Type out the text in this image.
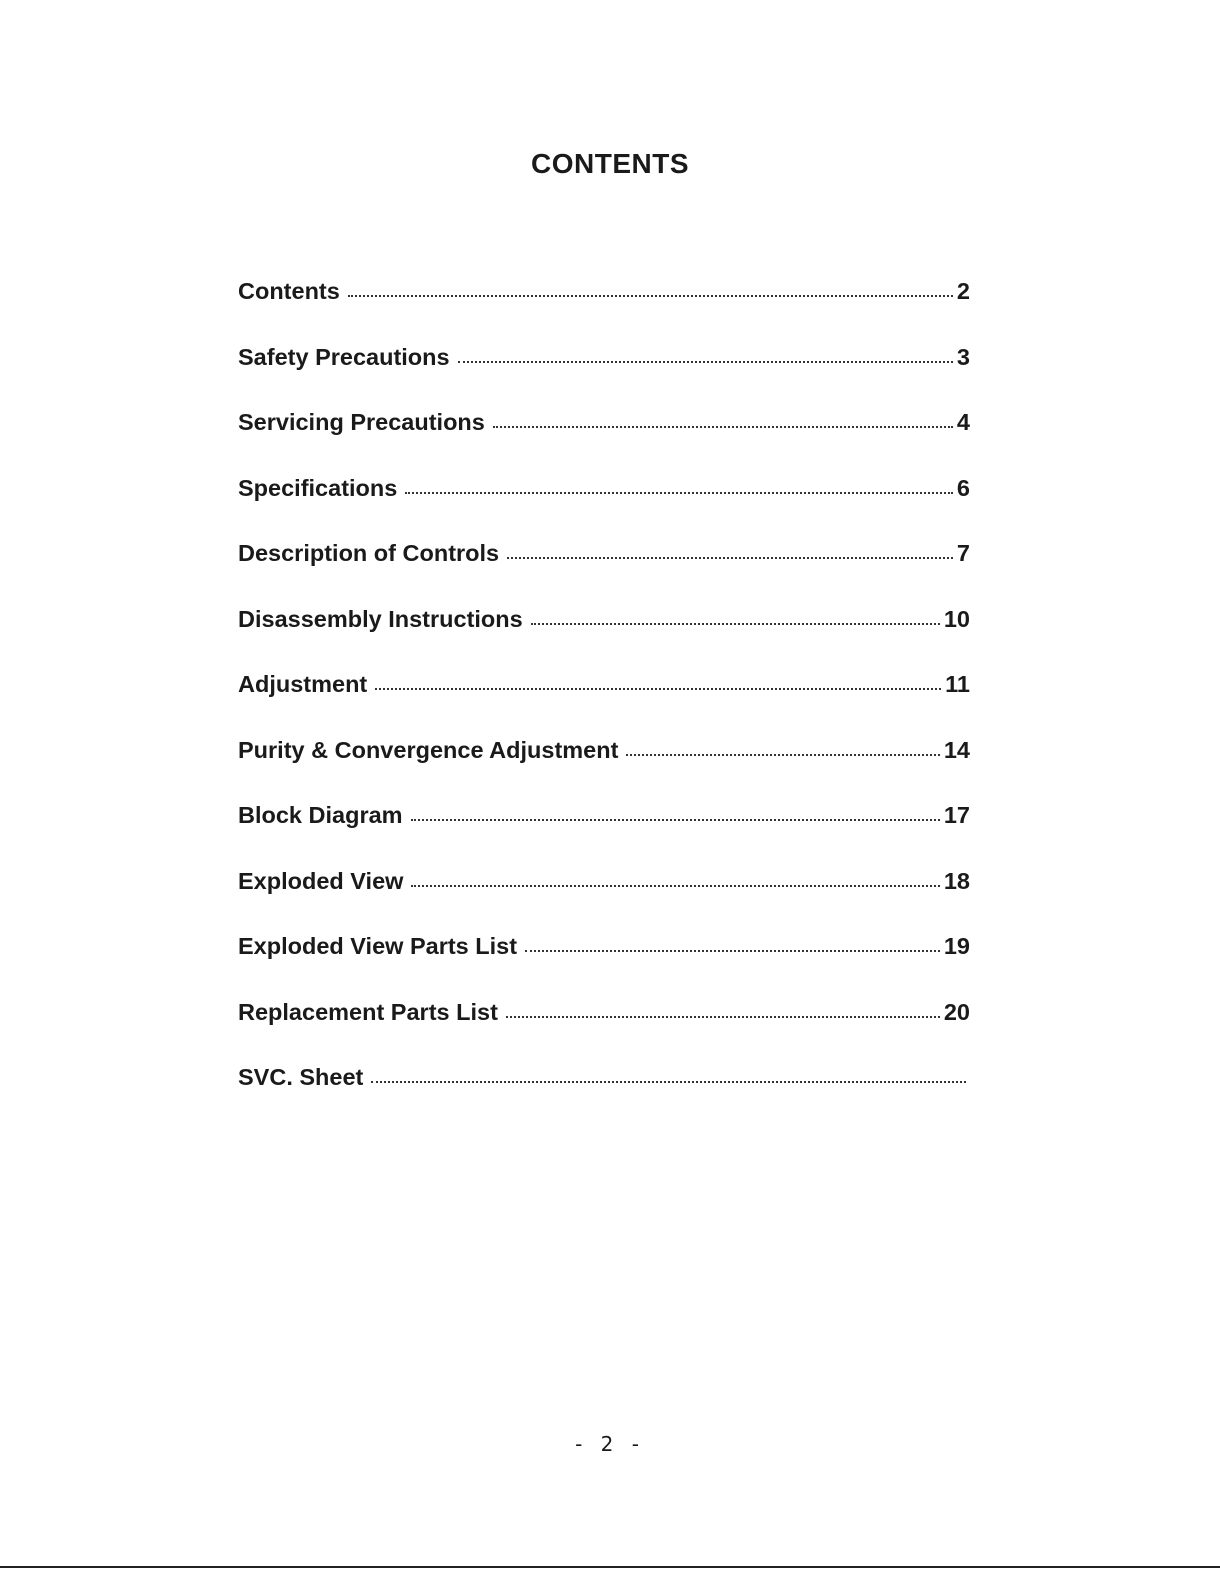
CONTENTS
Contents	2
Safety Precautions	3
Servicing Precautions	4
Specifications	6
Description of Controls	7
Disassembly Instructions	10
Adjustment	11
Purity & Convergence Adjustment	14
Block Diagram	17
Exploded View	18
Exploded View Parts List	19
Replacement Parts List	20
SVC. Sheet
- 2 -
